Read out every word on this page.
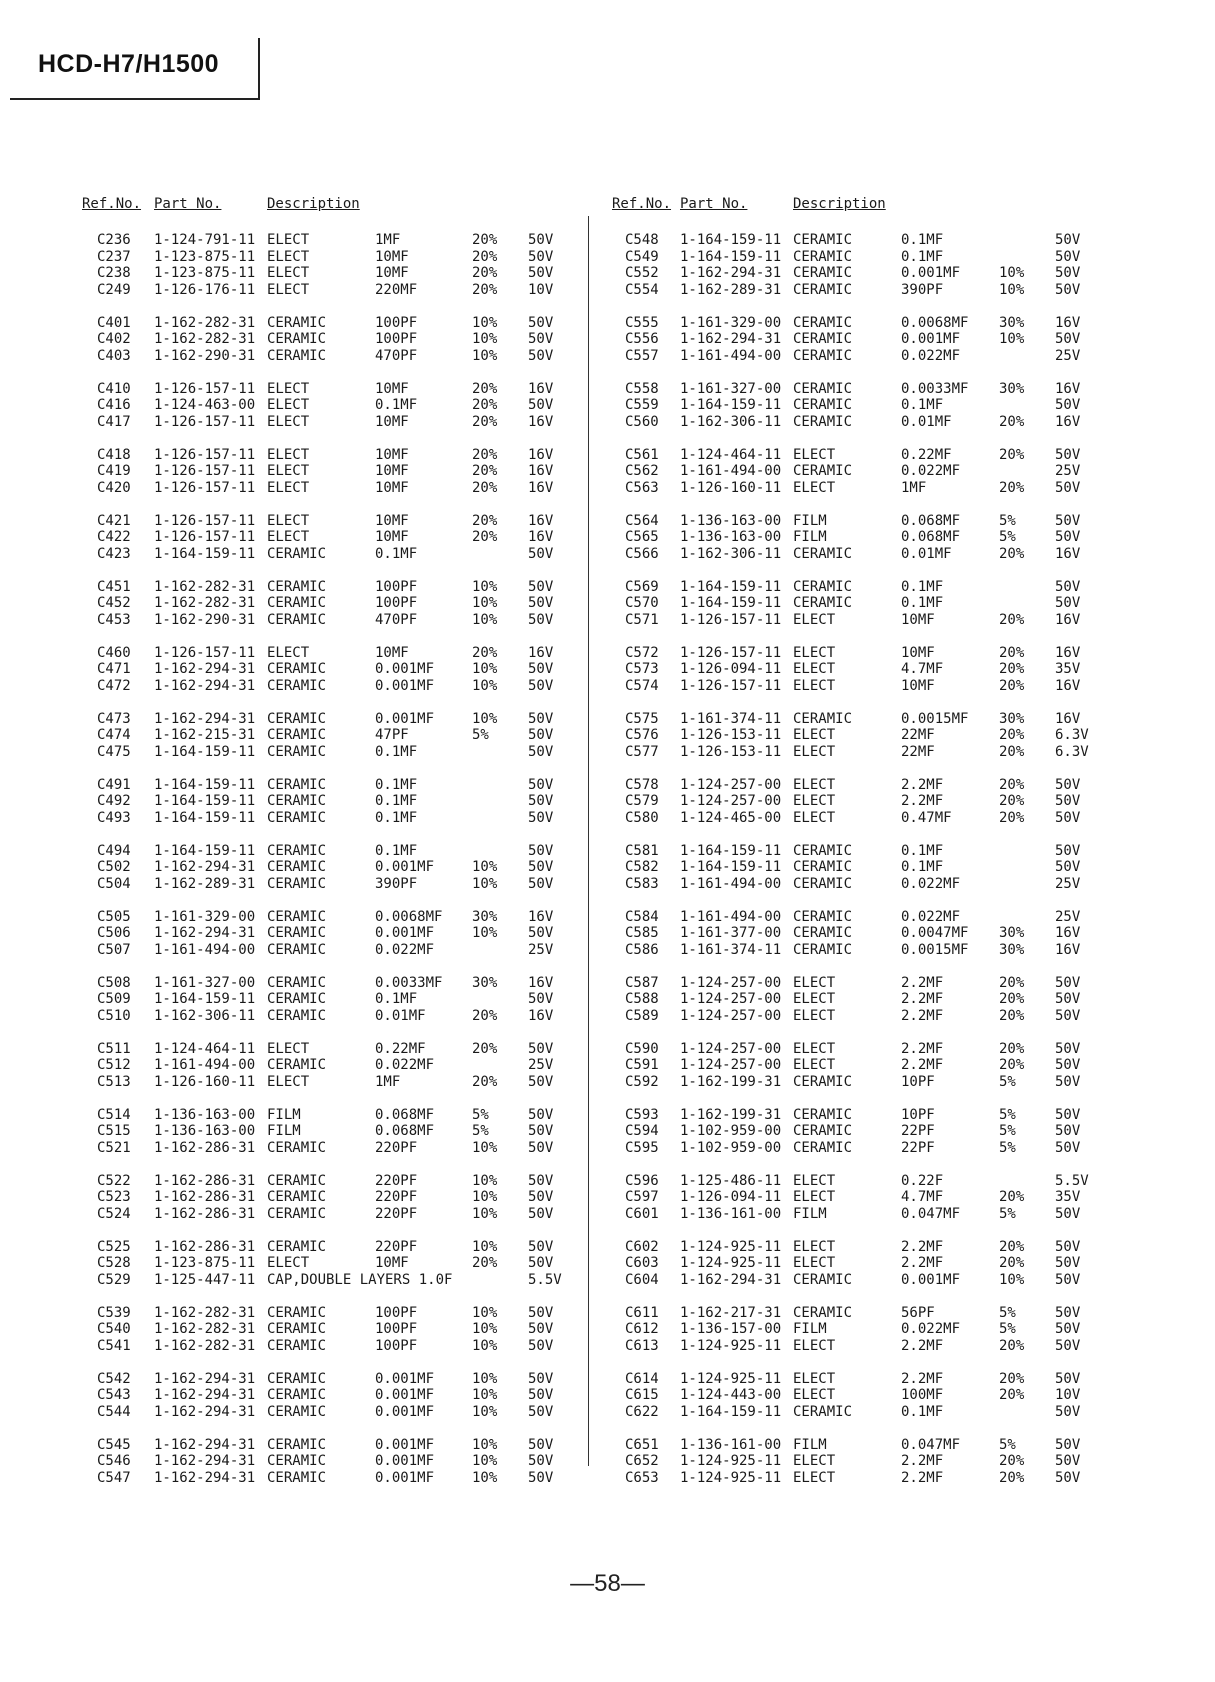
HCD-H7/H1500
Ref.No. Part No.	Description
C236 1-124-791-11 ELECT	1MF	20% 50V
C237 1-123-875-11 ELECT	10MF	20% 50V
C238 1-123-875-11 ELECT	10MF	20% 50V
C249 1-126-176-11 ELECT	220MF	20% 10V
C401 1-162-282-31 CERAMIC	100PF	10% 50V
C402 1-162-282-31 CERAMIC	100PF	10% 50V
C403 1-162-290-31 CERAMIC	470PF	10% 50V
C410 1-126-157-11 ELECT	10MF	20% 16V
C416 1-124-463-00 ELECT	0.1MF	20% 50V
C417 1-126-157-11 ELECT	10MF	20% 16V
C418 1-126-157-11 ELECT	10MF	20% 16V
C419 1-126-157-11 ELECT	10MF	20% 16V
C420 1-126-157-11 ELECT	10MF	20% 16V
C421 1-126-157-11 ELECT	10MF	20% 16V
C422 1-126-157-11 ELECT	10MF	20% 16V
C423 1-164-159-11 CERAMIC	0.1MF	50V
C451 1-162-282-31 CERAMIC	100PF	10% 50V
C452 1-162-282-31 CERAMIC	100PF	10% 50V
C453 1-162-290-31 CERAMIC	470PF	10% 50V
C460 1-126-157-11 ELECT	10MF	20% 16V
C471 1-162-294-31 CERAMIC	0.001MF	10% 50V
C472 1-162-294-31 CERAMIC	0.001MF	10% 50V
C473 1-162-294-31 CERAMIC	0.001MF	10% 50V
C474 1-162-215-31 CERAMIC	47PF	5%	50V
C475 1-164-159-11 CERAMIC	0.1MF	50V
C491 1-164-159-11 CERAMIC	0.1MF	50V
C492 1-164-159-11 CERAMIC	0.1MF	50V
C493 1-164-159-11 CERAMIC	0.1MF	50V
C494 1-164-159-11 CERAMIC	0.1MF	50V
C502 1-162-294-31 CERAMIC	0.001MF	10% 50V
C504 1-162-289-31 CERAMIC	390PF	10% 50V
C505 1-161-329-00 CERAMIC	0.0068MF 30% 16V
C506 1-162-294-31 CERAMIC	0.001MF	10% 50V
C507 1-161-494-00 CERAMIC	0.022MF	25V
C508 1-161-327-00 CERAMIC	0.0033MF 30% 16V
C509 1-164-159-11 CERAMIC	0.1MF	50V
C510 1-162-306-11 CERAMIC	0.01MF	20% 16V
C511 1-124-464-11 ELECT	0.22MF	20% 50V
C512 1-161-494-00 CERAMIC	0.022MF	25V
C513 1-126-160-11 ELECT	1MF	20% 50V
C514 1-136-163-00 FILM	0.068MF	5%	50V
C515 1-136-163-00 FILM	0.068MF	5%	50V
C521 1-162-286-31 CERAMIC	220PF	10% 50V
C522 1-162-286-31 CERAMIC	220PF	10% 50V
C523 1-162-286-31 CERAMIC	220PF	10% 50V
C524 1-162-286-31 CERAMIC	220PF	10% 50V
C525 1-162-286-31 CERAMIC	220PF	10% 50V
C528 1-123-875-11 ELECT	10MF	20% 50V
C529 1-125-447-11 CAP,DOUBLE LAYERS 1.0F	5.5V
C539 1-162-282-31 CERAMIC	100PF	10% 50V
C540 1-162-282-31 CERAMIC	100PF	10% 50V
C541 1-162-282-31 CERAMIC	100PF	10% 50V
C542 1-162-294-31 CERAMIC	0.001MF	10% 50V
C543 1-162-294-31 CERAMIC	0.001MF	10% 50V
C544 1-162-294-31 CERAMIC	0.001MF	10% 50V
C545 1-162-294-31 CERAMIC	0.001MF	10% 50V
C546 1-162-294-31 CERAMIC	0.001MF	10% 50V
C547 1-162-294-31 CERAMIC	0.001MF	10% 50V
Ref.No. Part No.	Description
C548 1-164-159-11 CERAMIC	0.1MF	50V
C549 1-164-159-11 CERAMIC	0.1MF	50V
C552 1-162-294-31 CERAMIC	0.001MF	10% 50V
C554 1-162-289-31 CERAMIC	390PF	10% 50V
C555 1-161-329-00 CERAMIC	0.0068MF 30% 16V
C556 1-162-294-31 CERAMIC	0.001MF	10% 50V
C557 1-161-494-00 CERAMIC	0.022MF	25V
C558 1-161-327-00 CERAMIC	0.0033MF 30% 16V
C559 1-164-159-11 CERAMIC	0.1MF	50V
C560 1-162-306-11 CERAMIC	0.01MF	20% 16V
C561 1-124-464-11 ELECT	0.22MF	20% 50V
C562 1-161-494-00 CERAMIC	0.022MF	25V
C563 1-126-160-11 ELECT	1MF	20% 50V
C564 1-136-163-00 FILM	0.068MF	5%	50V
C565 1-136-163-00 FILM	0.068MF	5%	50V
C566 1-162-306-11 CERAMIC	0.01MF	20% 16V
C569 1-164-159-11 CERAMIC	0.1MF	50V
C570 1-164-159-11 CERAMIC	0.1MF	50V
C571 1-126-157-11 ELECT	10MF	20% 16V
C572 1-126-157-11 ELECT	10MF	20% 16V
C573 1-126-094-11 ELECT	4.7MF	20% 35V
C574 1-126-157-11 ELECT	10MF	20% 16V
C575 1-161-374-11 CERAMIC	0.0015MF 30% 16V
C576 1-126-153-11 ELECT	22MF	20% 6.3V
C577 1-126-153-11 ELECT	22MF	20% 6.3V
C578 1-124-257-00 ELECT	2.2MF	20% 50V
C579 1-124-257-00 ELECT	2.2MF	20% 50V
C580 1-124-465-00 ELECT	0.47MF	20% 50V
C581 1-164-159-11 CERAMIC	0.1MF	50V
C582 1-164-159-11 CERAMIC	0.1MF	50V
C583 1-161-494-00 CERAMIC	0.022MF	25V
C584 1-161-494-00 CERAMIC	0.022MF	25V
C585 1-161-377-00 CERAMIC	0.0047MF 30% 16V
C586 1-161-374-11 CERAMIC	0.0015MF 30% 16V
C587 1-124-257-00 ELECT	2.2MF	20% 50V
C588 1-124-257-00 ELECT	2.2MF	20% 50V
C589 1-124-257-00 ELECT	2.2MF	20% 50V
C590 1-124-257-00 ELECT	2.2MF	20% 50V
C591 1-124-257-00 ELECT	2.2MF	20% 50V
C592 1-162-199-31 CERAMIC	10PF	5%	50V
C593 1-162-199-31 CERAMIC	10PF	5%	50V
C594 1-102-959-00 CERAMIC	22PF	5%	50V
C595 1-102-959-00 CERAMIC	22PF	5%	50V
C596 1-125-486-11 ELECT	0.22F	5.5V
C597 1-126-094-11 ELECT	4.7MF	20% 35V
C601 1-136-161-00 FILM	0.047MF	5%	50V
C602 1-124-925-11 ELECT	2.2MF	20% 50V
C603 1-124-925-11 ELECT	2.2MF	20% 50V
C604 1-162-294-31 CERAMIC	0.001MF	10% 50V
C611 1-162-217-31 CERAMIC	56PF	5%	50V
C612 1-136-157-00 FILM	0.022MF	5%	50V
C613 1-124-925-11 ELECT	2.2MF	20% 50V
C614 1-124-925-11 ELECT	2.2MF	20% 50V
C615 1-124-443-00 ELECT	100MF	20% 10V
C622 1-164-159-11 CERAMIC	0.1MF	50V
C651 1-136-161-00 FILM	0.047MF	5%	50V
C652 1-124-925-11 ELECT	2.2MF	20% 50V
C653 1-124-925-11 ELECT	2.2MF	20% 50V
—58—
